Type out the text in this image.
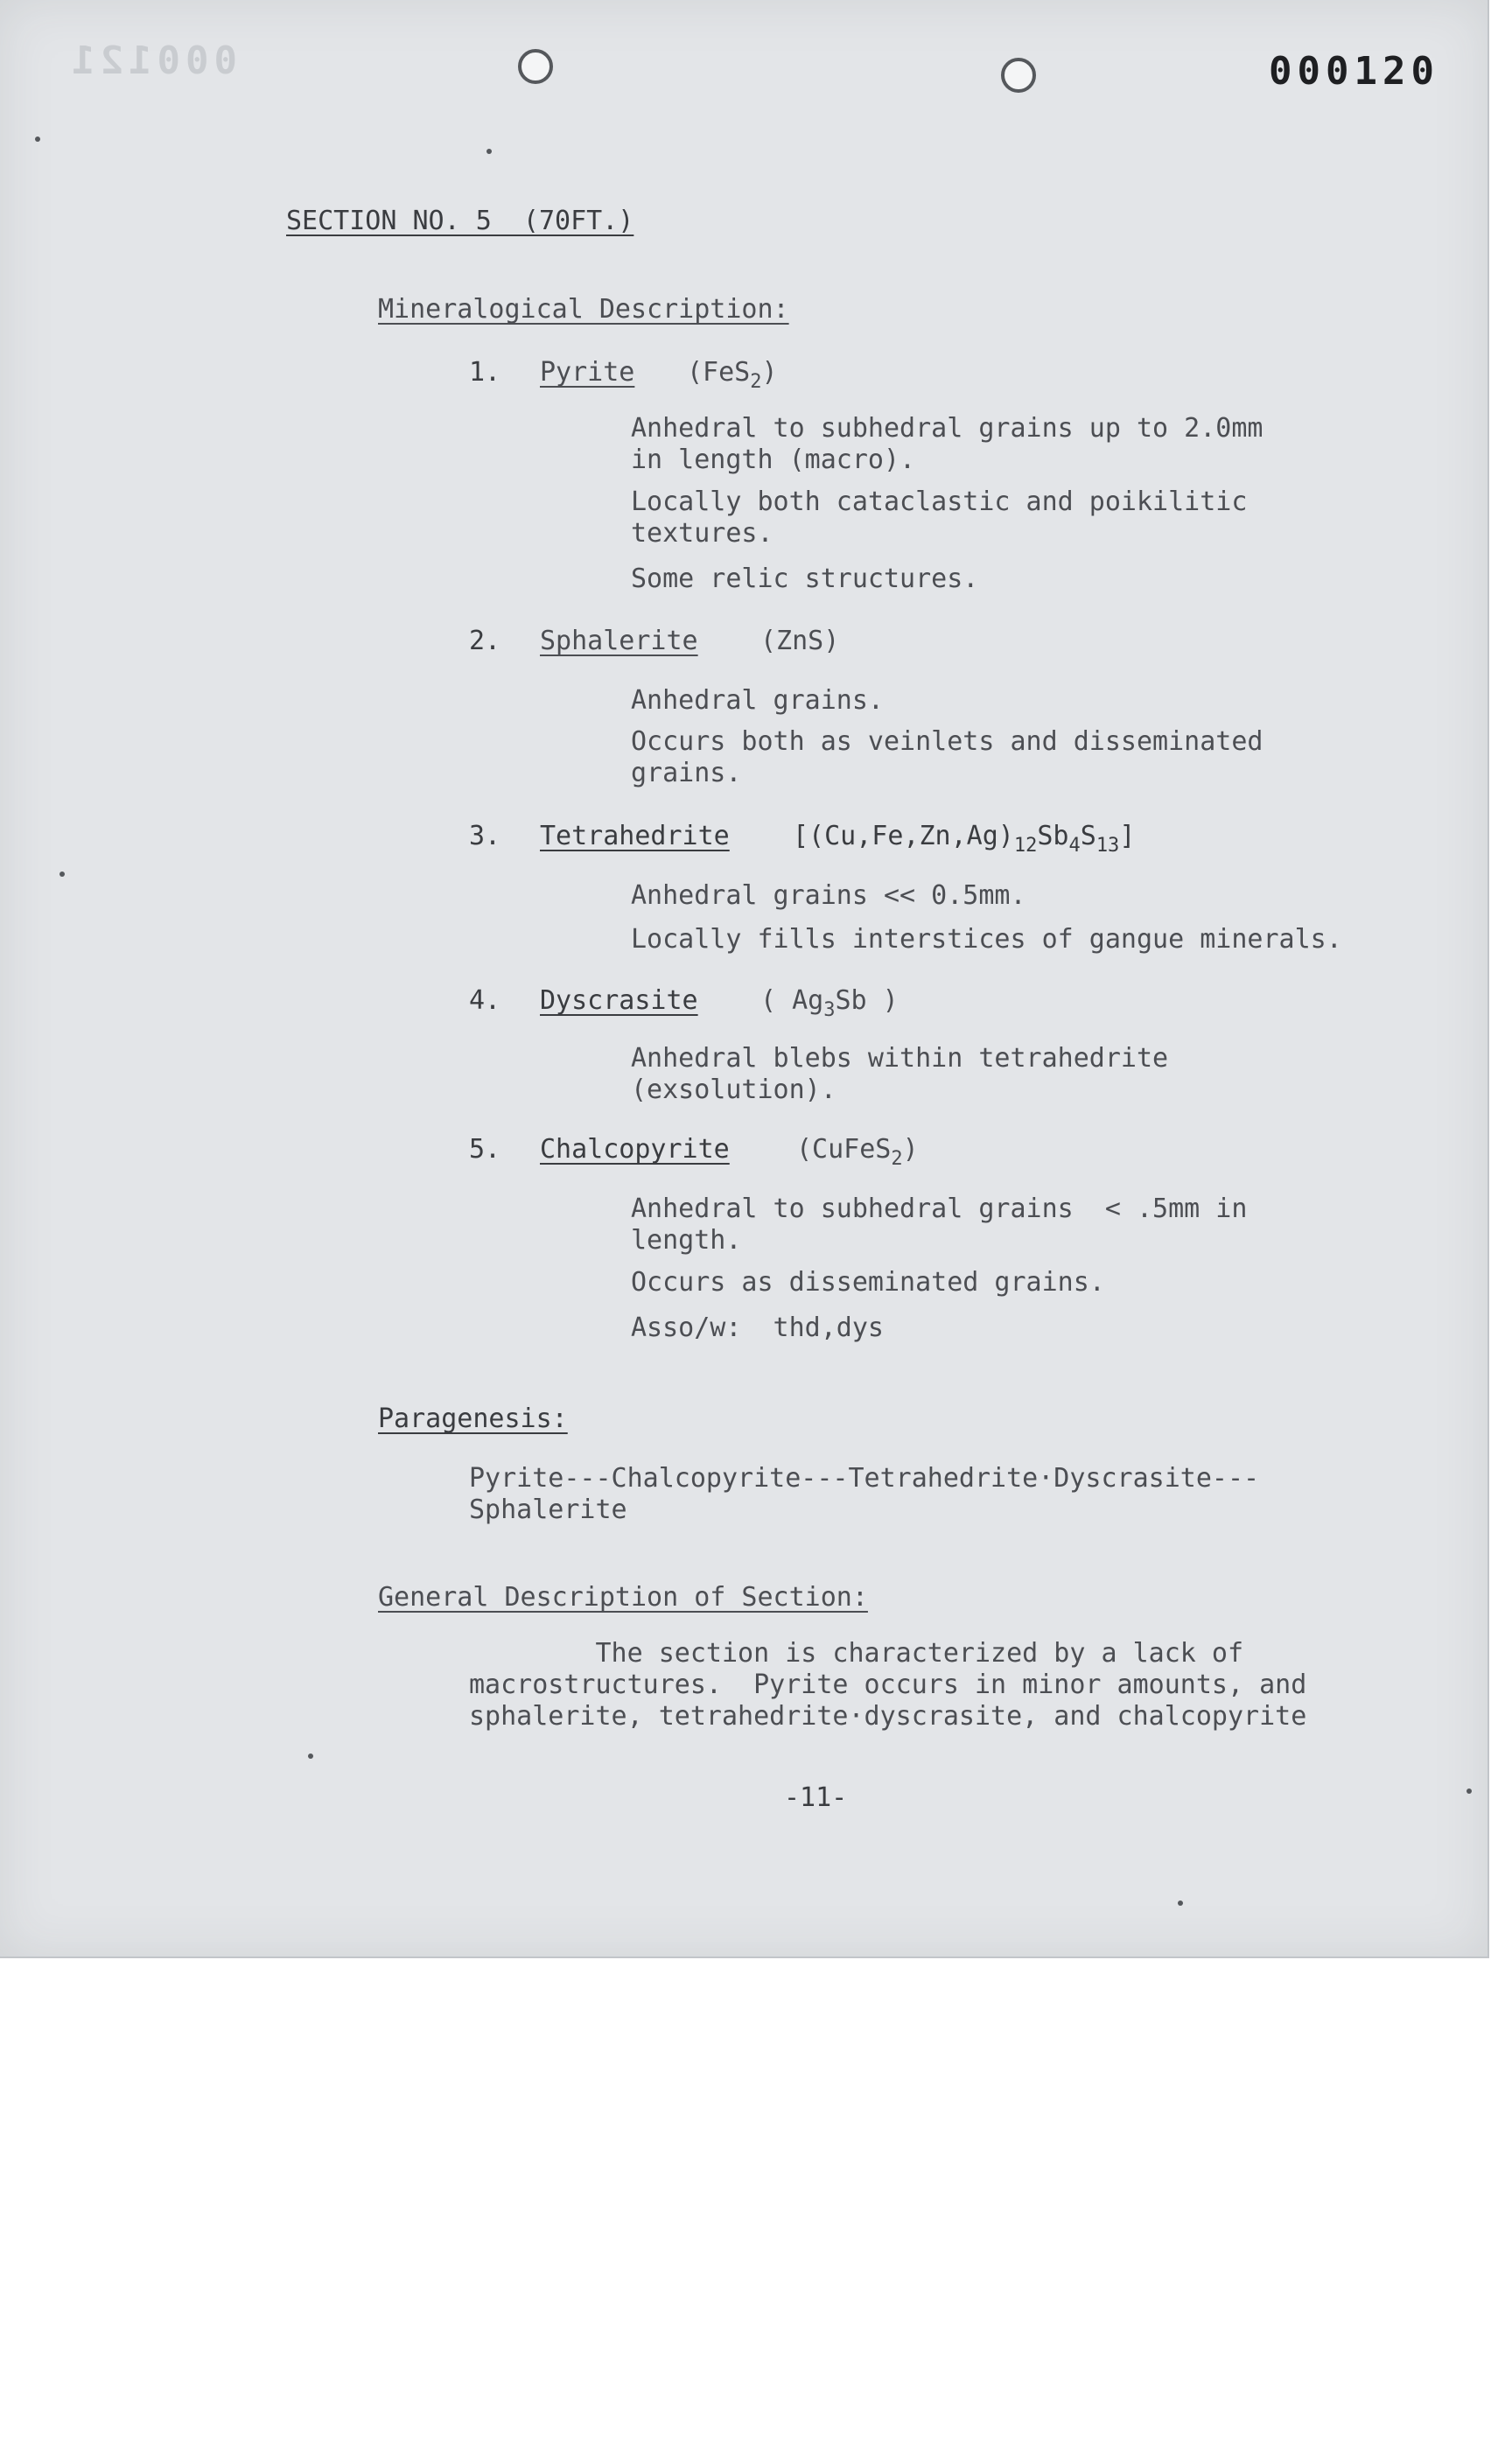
000121	000120
SECTION NO. 5  (70FT.)
Mineralogical Description:
1. Pyrite (FeS$_2$)
Anhedral to subhedral grains up to 2.0mm
in length (macro).
Locally both cataclastic and poikilitic
textures.
Some relic structures.
2. Sphalerite (ZnS)
Anhedral grains.
Occurs both as veinlets and disseminated
grains.
3. Tetrahedrite $[(Cu,Fe,Zn,Ag)_{12}Sb_4S_{13}]$
Anhedral grains << 0.5mm.
Locally fills interstices of gangue minerals.
4. Dyscrasite ( $Ag_3Sb$ )
Anhedral blebs within tetrahedrite
(exsolution).
5. Chalcopyrite	(CuFeS$_2$)
Anhedral to subhedral grains  < .5mm in
length.
Occurs as disseminated grains.
Asso/w:  thd,dys
Paragenesis:
Pyrite---Chalcopyrite---Tetrahedrite·Dyscrasite---
Sphalerite
General Description of Section:
The section is characterized by a lack of
macrostructures.  Pyrite occurs in minor amounts, and
sphalerite, tetrahedrite·dyscrasite, and chalcopyrite
-11-
